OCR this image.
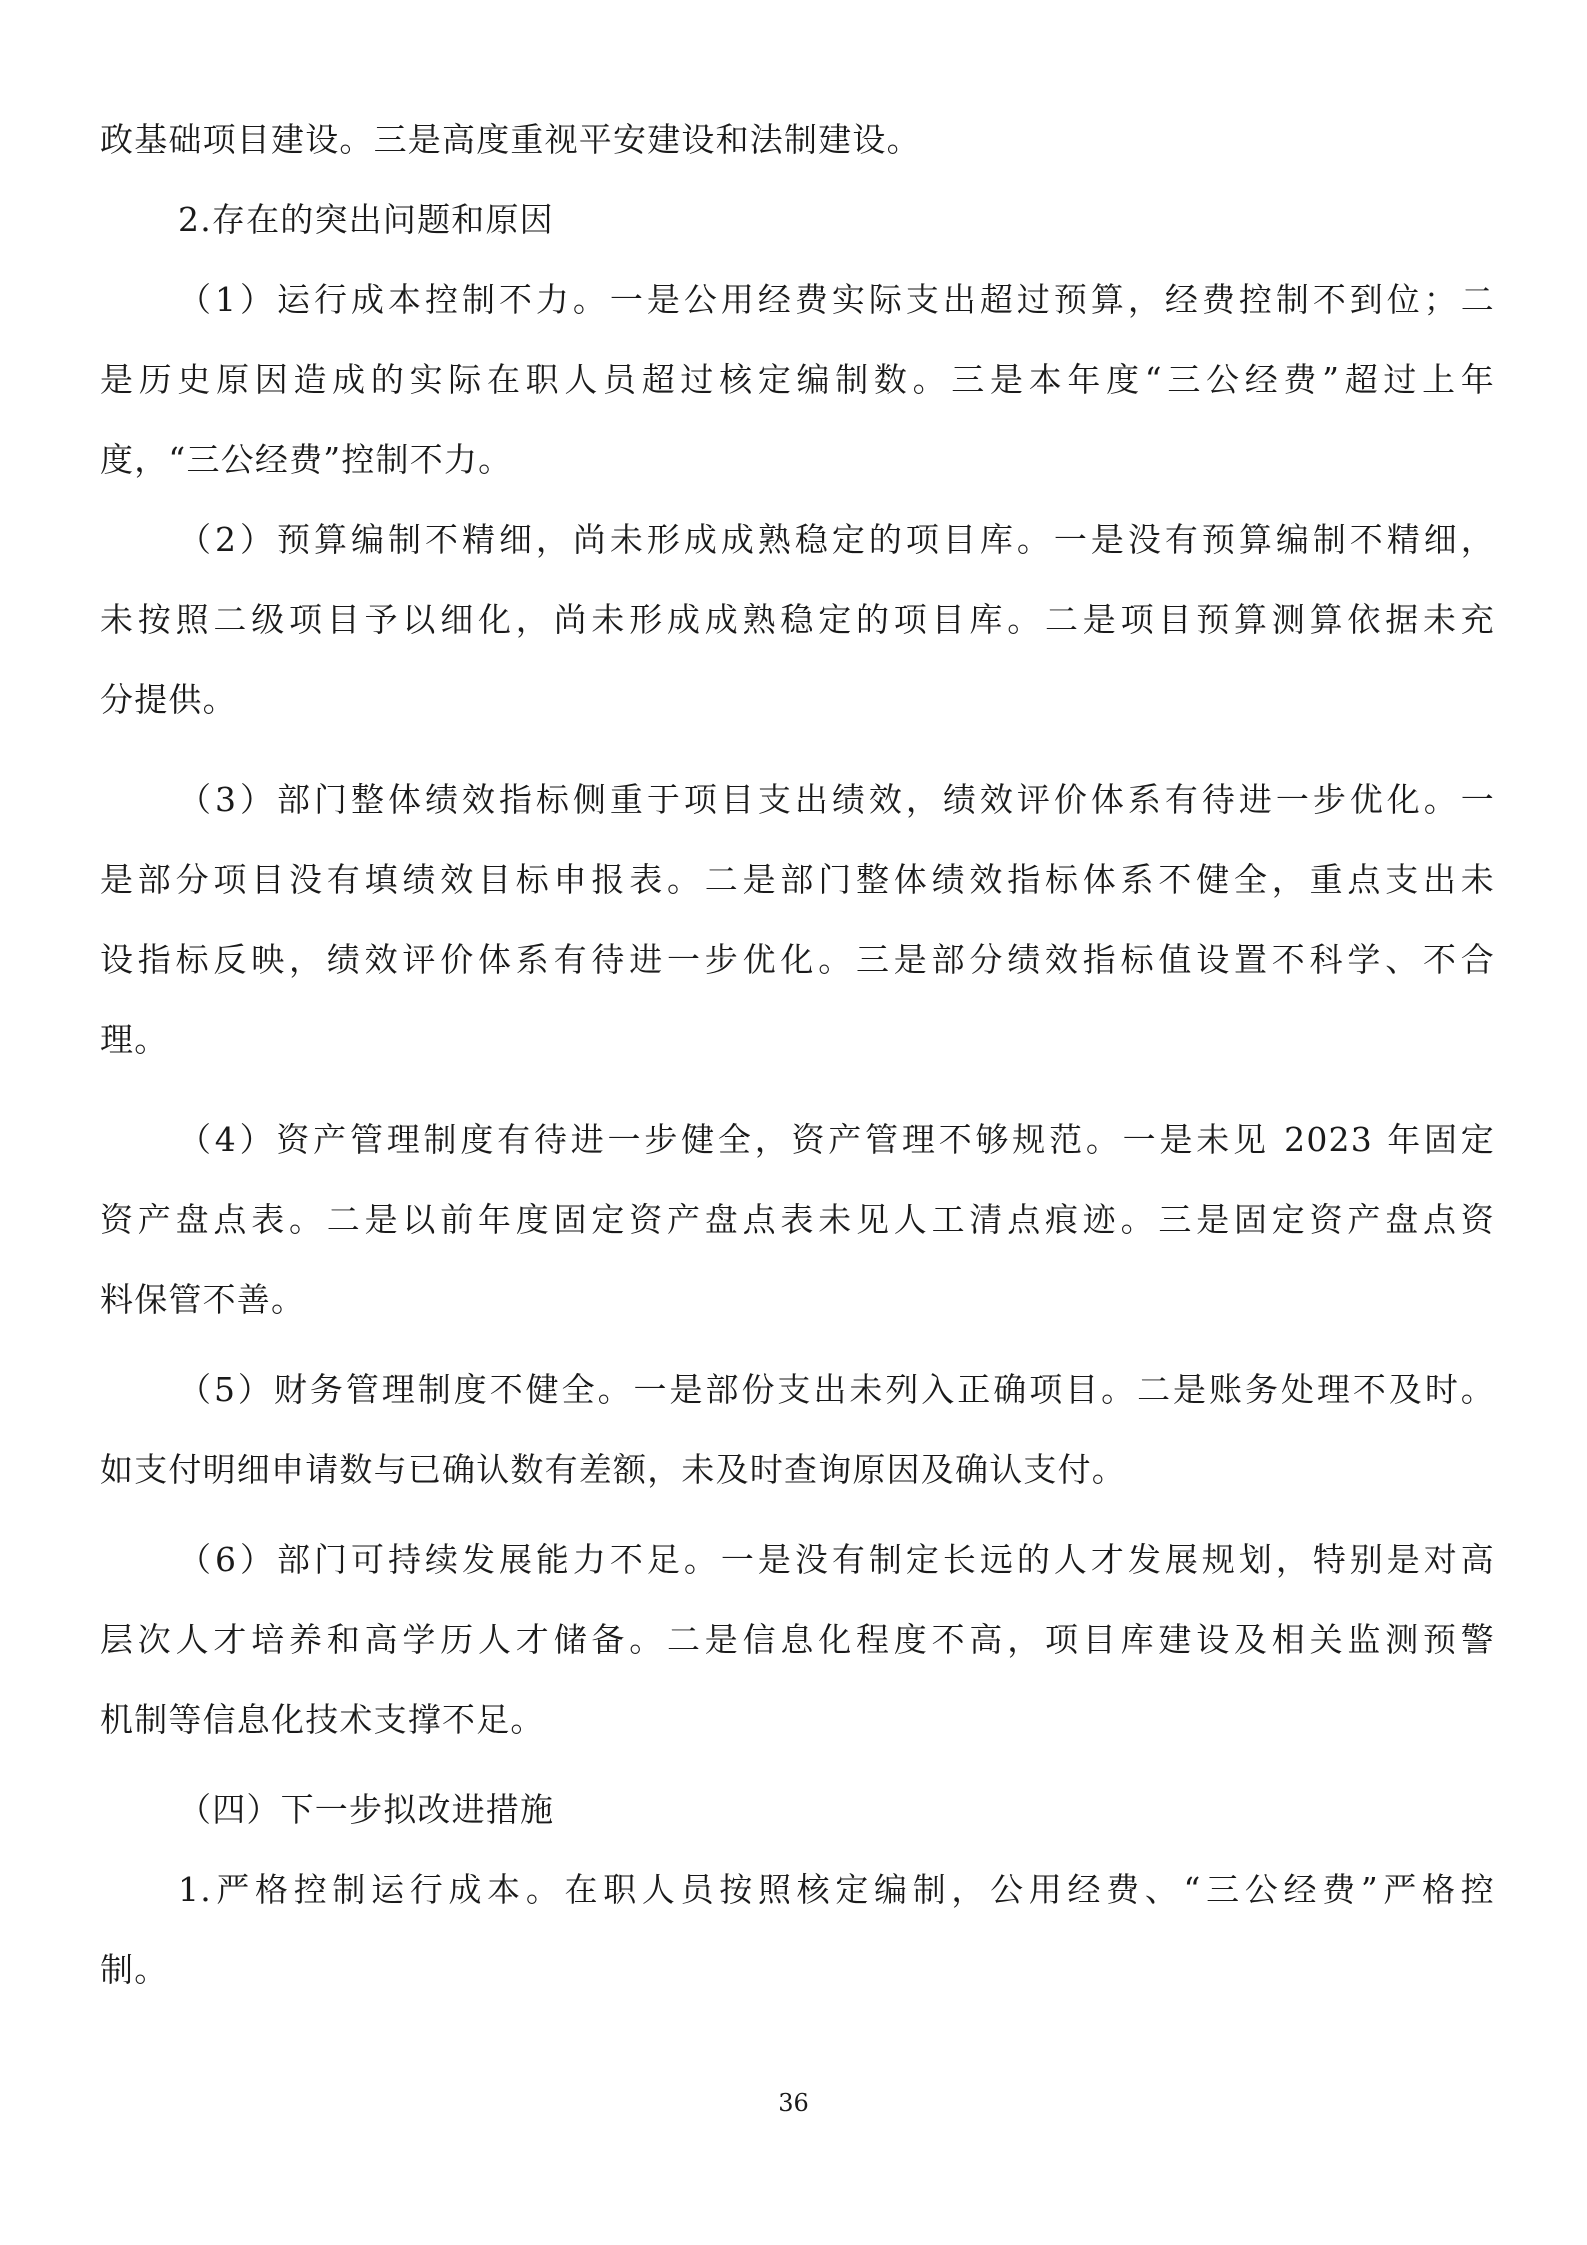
政基础项目建设。三是高度重视平安建设和法制建设。
2.存在的突出问题和原因
（1）运行成本控制不力。一是公用经费实际支出超过预算，经费控制不到位；二
是历史原因造成的实际在职人员超过核定编制数。三是本年度“三公经费”超过上年
度，“三公经费”控制不力。
（2）预算编制不精细，尚未形成成熟稳定的项目库。一是没有预算编制不精细，
未按照二级项目予以细化，尚未形成成熟稳定的项目库。二是项目预算测算依据未充
分提供。
（3）部门整体绩效指标侧重于项目支出绩效，绩效评价体系有待进一步优化。一
是部分项目没有填绩效目标申报表。二是部门整体绩效指标体系不健全，重点支出未
设指标反映，绩效评价体系有待进一步优化。三是部分绩效指标值设置不科学、不合
理。
（4）资产管理制度有待进一步健全，资产管理不够规范。一是未见 2023 年固定
资产盘点表。二是以前年度固定资产盘点表未见人工清点痕迹。三是固定资产盘点资
料保管不善。
（5）财务管理制度不健全。一是部份支出未列入正确项目。二是账务处理不及时。
如支付明细申请数与已确认数有差额，未及时查询原因及确认支付。
（6）部门可持续发展能力不足。一是没有制定长远的人才发展规划，特别是对高
层次人才培养和高学历人才储备。二是信息化程度不高，项目库建设及相关监测预警
机制等信息化技术支撑不足。
（四）下一步拟改进措施
1.严格控制运行成本。在职人员按照核定编制，公用经费、“三公经费”严格控
制。
36
